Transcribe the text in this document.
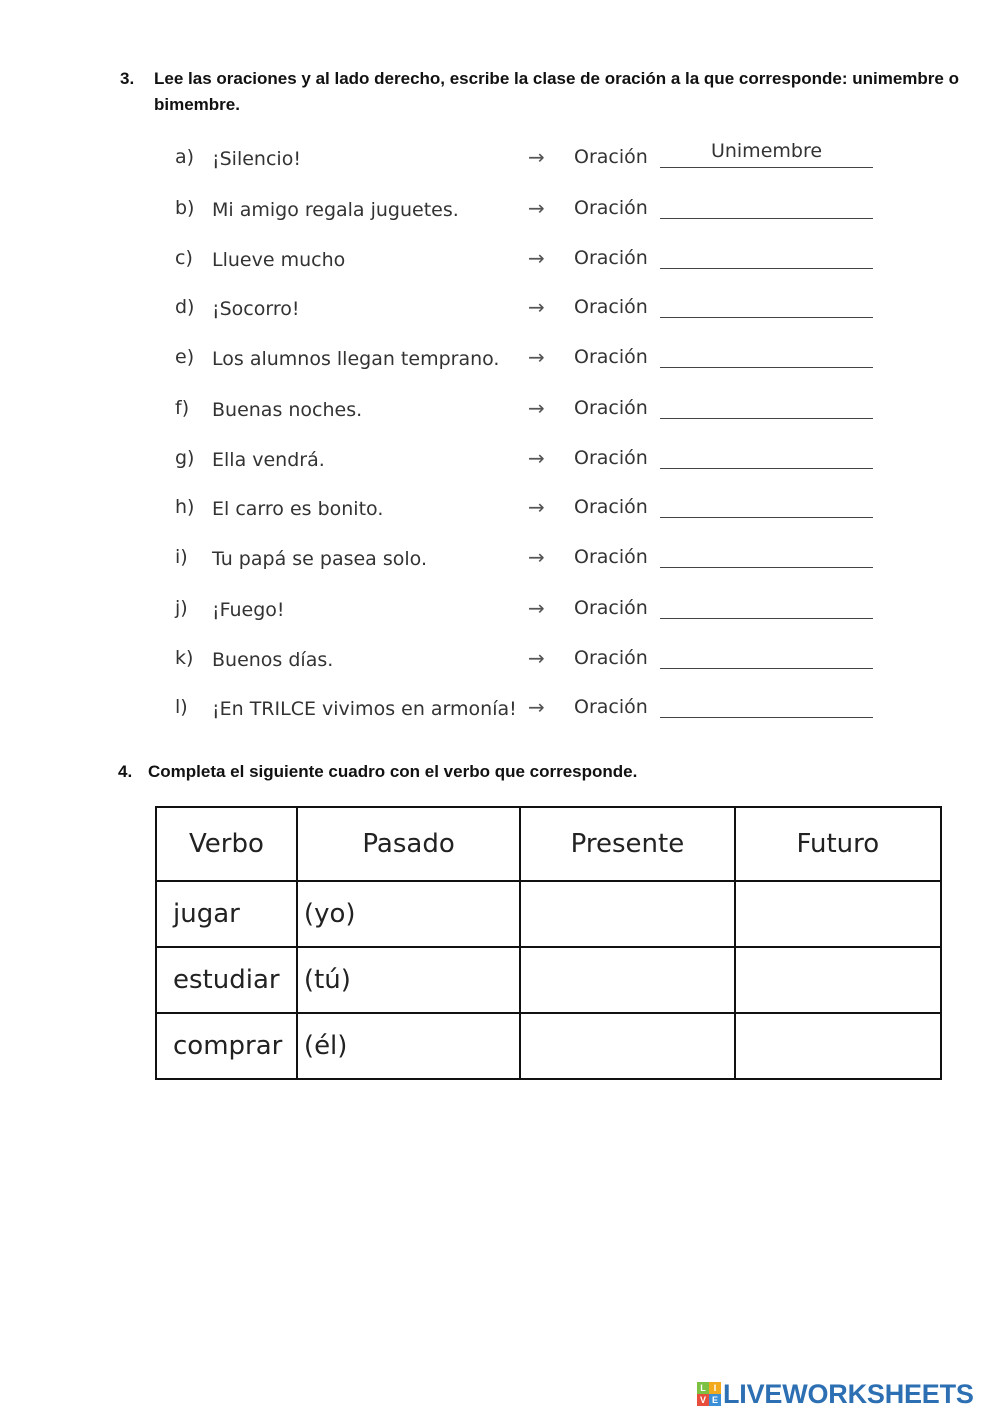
3.	Lee las oraciones y al lado derecho, escribe la clase de oración a la que corresponde: unimembre o bimembre.
a) ¡Silencio!	→ Oración	Unimembre
b) Mi amigo regala juguetes.	→ Oración
c) Llueve mucho	→ Oración
d) ¡Socorro!	→ Oración
e) Los alumnos llegan temprano.	→ Oración
f) Buenas noches.	→ Oración
g) Ella vendrá.	→ Oración
h) El carro es bonito.	→ Oración
i) Tu papá se pasea solo.	→ Oración
j) ¡Fuego!	→ Oración
k) Buenos días.	→ Oración
l) ¡En TRILCE vivimos en armonía! → Oración
4. Completa el siguiente cuadro con el verbo que corresponde.
Verbo	Pasado	Presente	Futuro
jugar	(yo)		
estudiar	(tú)		
comprar	(él)		
L I
V E LIVEWORKSHEETS
